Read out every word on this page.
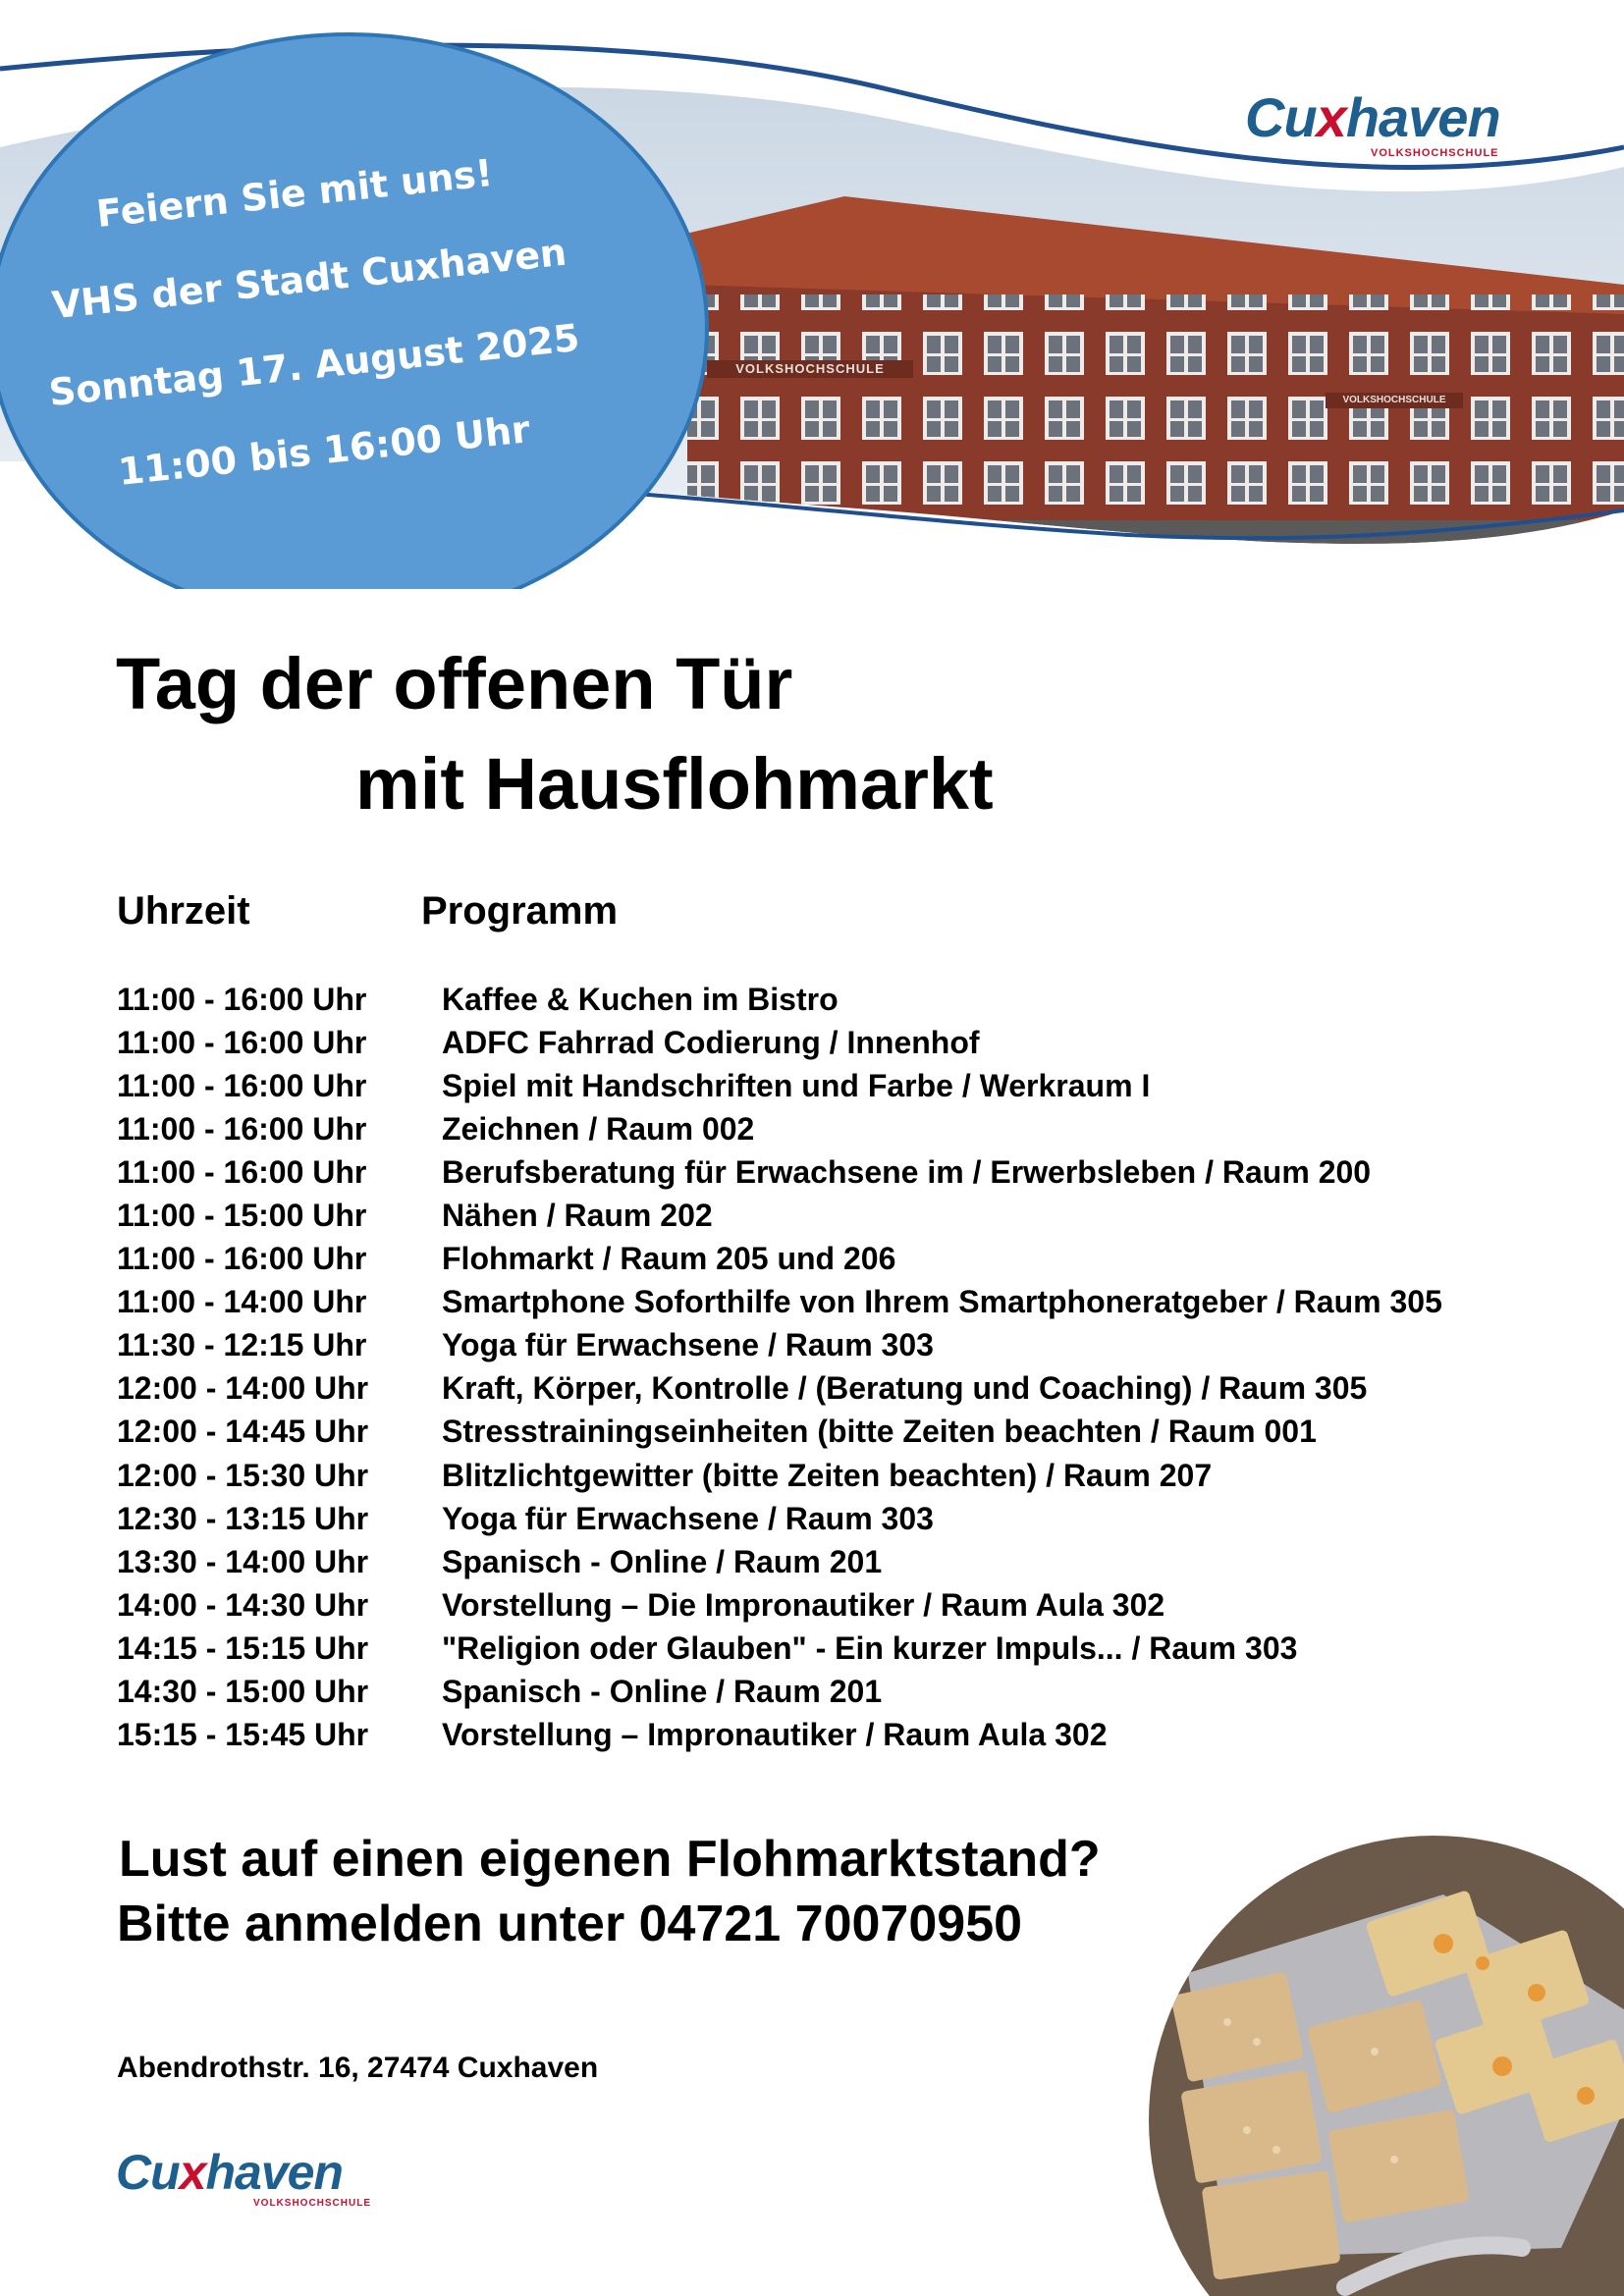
VOLKSHOCHSCHULE
VOLKSHOCHSCHULE
Feiern Sie mit uns!
VHS der Stadt Cuxhaven
Sonntag 17. August 2025
11:00 bis 16:00 Uhr
Cuxhaven
VOLKSHOCHSCHULE
Tag der offenen Tür
mit Hausflohmarkt
Uhrzeit	Programm
11:00 - 16:00 Uhr	Kaffee & Kuchen im Bistro
11:00 - 16:00 Uhr	ADFC Fahrrad Codierung / Innenhof
11:00 - 16:00 Uhr	Spiel mit Handschriften und Farbe / Werkraum I
11:00 - 16:00 Uhr	Zeichnen / Raum 002
11:00 - 16:00 Uhr	Berufsberatung für Erwachsene im / Erwerbsleben / Raum 200
11:00 - 15:00 Uhr	Nähen / Raum 202
11:00 - 16:00 Uhr	Flohmarkt / Raum 205 und 206
11:00 - 14:00 Uhr	Smartphone Soforthilfe von Ihrem Smartphoneratgeber / Raum 305
11:30 - 12:15 Uhr	Yoga für Erwachsene / Raum 303
12:00 - 14:00 Uhr	Kraft, Körper, Kontrolle / (Beratung und Coaching) / Raum 305
12:00 - 14:45 Uhr	Stresstrainingseinheiten (bitte Zeiten beachten / Raum 001
12:00 - 15:30 Uhr	Blitzlichtgewitter (bitte Zeiten beachten) / Raum 207
12:30 - 13:15 Uhr	Yoga für Erwachsene / Raum 303
13:30 - 14:00 Uhr	Spanisch - Online / Raum 201
14:00 - 14:30 Uhr	Vorstellung – Die Impronautiker / Raum Aula 302
14:15 - 15:15 Uhr	"Religion oder Glauben" - Ein kurzer Impuls... / Raum 303
14:30 - 15:00 Uhr	Spanisch - Online / Raum 201
15:15 - 15:45 Uhr	Vorstellung – Impronautiker / Raum Aula 302
Lust auf einen eigenen Flohmarktstand?
Bitte anmelden unter 04721 70070950
Abendrothstr. 16, 27474 Cuxhaven
Cuxhaven
VOLKSHOCHSCHULE
